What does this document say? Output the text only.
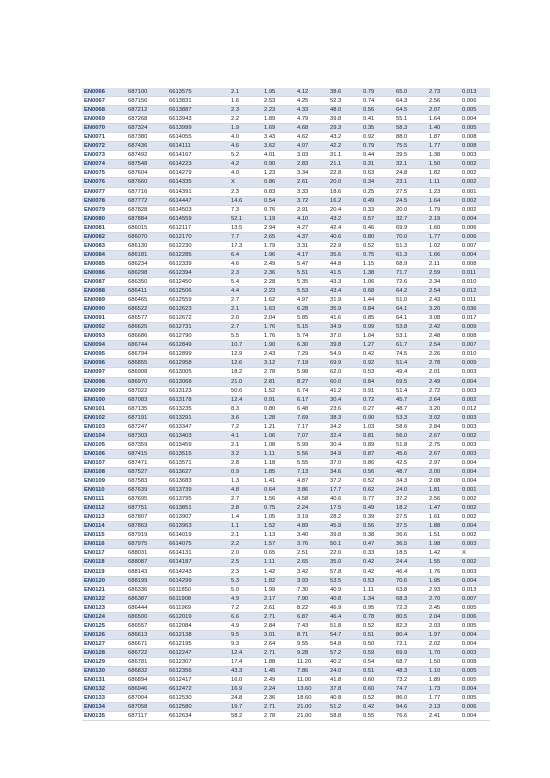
EN0066	687100	6613575	2.1	1.95	4.12	38.6	0.79	65.0	2.73	0.013
EN0067	687156	6613831	1.6	2.53	4.25	52.3	0.74	64.3	2.56	0.006
EN0068	687212	6613887	2.3	2.23	4.33	48.0	0.56	64.5	2.07	0.005
EN0069	687268	6613943	2.2	1.89	4.79	39.8	0.41	55.1	1.64	0.004
EN0070	687324	6613999	1.9	1.69	4.68	29.3	0.35	58.3	1.40	0.005
EN0071	687380	6614055	4.0	3.43	4.62	43.2	0.92	88.0	1.87	0.008
EN0072	687436	6614111	4.6	3.62	4.07	42.2	0.79	75.5	1.77	0.008
EN0073	687492	6614167	5.2	4.01	3.03	31.1	0.44	39.5	1.38	0.003
EN0074	687548	6614223	4.2	0.90	2.83	21.1	0.31	32.1	1.50	0.002
EN0075	687604	6614279	4.0	1.23	3.34	22.8	0.63	24.8	1.82	0.002
EN0076	687660	6614335	X	0.86	2.61	20.0	0.34	23.1	1.11	0.002
EN0077	687716	6614391	2.3	0.83	3.33	18.6	0.25	27.5	1.23	0.001
EN0078	687772	6614447	14.6	0.54	3.72	16.2	0.49	24.5	1.64	0.002
EN0079	687828	6614503	7.3	0.76	2.91	20.4	0.33	20.0	1.79	0.002
EN0080	687884	6614559	52.1	1.19	4.10	43.2	0.57	32.7	2.19	0.004
EN0081	686015	6612117	13.5	2.94	4.27	42.4	0.46	69.9	1.60	0.006
EN0082	686070	6612170	7.7	2.65	4.37	40.6	0.80	70.0	1.77	0.006
EN0083	686130	6612230	17.3	1.79	3.31	22.9	0.52	51.3	1.02	0.007
EN0084	686181	6612285	6.4	1.96	4.17	35.6	0.75	61.3	1.66	0.004
EN0085	686234	6612339	4.6	2.49	5.47	44.8	1.15	68.9	2.11	0.008
EN0086	686298	6612394	2.3	2.36	5.51	41.5	1.38	71.7	2.59	0.011
EN0087	686350	6612450	5.4	2.28	5.35	43.3	1.06	72.6	2.34	0.010
EN0088	686411	6612506	4.4	2.23	5.53	43.4	0.68	64.2	2.54	0.012
EN0089	686465	6612559	2.7	1.62	4.97	31.9	1.44	51.0	2.43	0.011
EN0090	686522	6612623	2.1	1.63	6.28	35.9	0.84	64.1	3.20	0.036
EN0091	686577	6612672	2.0	2.04	5.85	41.6	0.85	64.1	3.08	0.017
EN0092	686625	6612731	2.7	1.76	5.15	34.9	0.99	53.8	2.42	0.009
EN0093	686686	6612790	5.5	1.76	5.74	37.0	1.04	53.1	2.48	0.008
EN0094	686744	6612849	10.7	1.90	6.30	39.8	1.27	61.7	2.54	0.007
EN0095	686794	6612899	12.9	2.43	7.29	54.9	0.42	74.5	2.26	0.010
EN0096	686855	6612958	12.6	3.12	7.19	69.9	0.92	51.4	2.78	0.009
EN0097	686908	6613005	18.2	2.78	5.98	62.0	0.53	49.4	2.01	0.003
EN0098	686970	6613068	21.0	2.81	8.27	60.0	0.84	69.5	2.49	0.004
EN0099	687022	6613123	50.6	1.52	6.74	41.2	0.91	51.4	2.72	0.003
EN0100	687083	6613178	12.4	0.91	6.17	30.4	0.72	45.7	2.64	0.002
EN0101	687135	6613235	8.3	0.80	6.48	23.6	0.27	48.7	3.20	0.012
EN0102	687191	6613291	3.6	1.28	7.69	38.3	0.90	53.3	3.02	0.003
EN0103	687247	6613347	7.2	1.21	7.17	34.2	1.03	58.6	2.84	0.003
EN0104	687303	6613403	4.1	1.06	7.07	32.4	0.81	56.0	2.67	0.002
EN0105	687359	6613459	2.1	1.08	5.99	30.4	0.89	51.8	2.75	0.003
EN0106	687415	6613515	3.2	1.11	5.56	34.9	0.87	45.6	2.67	0.003
EN0107	687471	6613571	2.8	1.18	5.55	37.0	0.86	42.5	2.97	0.004
EN0108	687527	6613627	0.9	1.85	7.13	34.6	0.56	48.7	2.00	0.004
EN0109	687583	6613683	1.3	1.41	4.87	37.2	0.52	34.3	2.08	0.004
EN0110	687639	6613739	4.8	0.64	3.86	17.7	0.62	24.0	1.81	0.001
EN0111	687695	6613795	2.7	1.56	4.58	40.6	0.77	37.2	2.56	0.002
EN0112	687751	6613851	2.8	0.75	2.24	17.5	0.49	18.2	1.47	0.002
EN0113	687807	6613907	1.4	1.05	3.19	28.2	0.39	27.5	1.61	0.002
EN0114	687863	6613963	1.1	1.52	4.89	45.9	0.56	37.5	1.88	0.004
EN0115	687919	6614019	2.1	1.13	3.40	39.8	0.38	36.6	1.51	0.002
EN0116	687975	6614075	2.2	1.57	3.76	50.1	0.47	36.5	1.98	0.003
EN0117	688031	6614131	2.0	0.65	2.51	22.0	0.33	18.5	1.42	X
EN0118	688087	6614187	2.5	1.11	2.65	35.0	0.42	24.4	1.55	0.002
EN0119	688143	6614243	2.3	1.42	3.42	57.8	0.42	46.4	1.76	0.003
EN0120	688199	6614299	5.3	1.82	3.93	53.5	0.53	70.6	1.95	0.004
EN0121	686336	6611850	5.0	1.99	7.30	40.9	1.11	63.8	2.93	0.013
EN0122	686387	6611908	4.9	2.17	7.90	40.8	1.34	68.3	2.70	0.007
EN0123	686444	6611969	7.2	2.61	8.22	46.9	0.95	72.3	2.45	0.005
EN0124	686500	6612019	6.6	2.71	6.87	46.4	0.78	80.5	2.04	0.006
EN0125	686557	6612084	4.9	2.84	7.43	51.8	0.52	82.3	2.03	0.005
EN0126	686613	6612138	9.5	3.01	8.71	54.7	0.51	80.4	1.97	0.004
EN0127	686671	6612195	9.3	2.64	9.55	54.8	0.50	72.1	2.02	0.004
EN0128	686722	6612247	12.4	2.71	9.28	57.2	0.59	69.9	1.70	0.003
EN0129	686781	6612307	17.4	1.88	11.20	40.2	0.54	68.7	1.50	0.008
EN0130	686832	6612356	43.3	1.45	7.86	24.0	0.51	48.3	1.10	0.005
EN0131	686894	6612417	16.0	2.49	11.00	41.8	0.60	73.2	1.89	0.005
EN0132	686946	6612472	16.9	2.24	13.60	37.8	0.60	74.7	1.73	0.004
EN0133	687004	6612530	24.8	2.36	18.60	40.8	0.52	86.0	1.77	0.005
EN0134	687058	6612580	19.7	2.71	21.00	51.2	0.42	94.6	2.13	0.006
EN0135	687117	6612634	58.2	2.78	21.00	58.8	0.55	76.6	2.41	0.004
